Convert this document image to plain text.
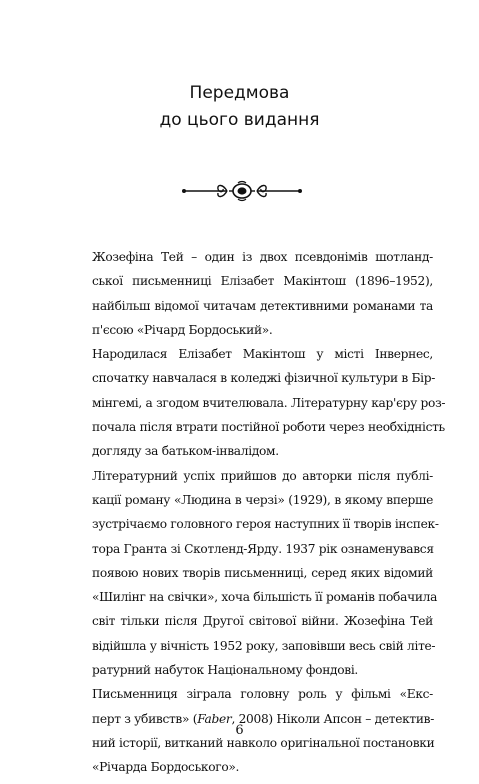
Передмова
до цього видання

Жозефіна Тей – один із двох псевдонімів шотланд-
ської письменниці Елізабет Макінтош (1896–1952),
найбільш відомої читачам детективними романами та
п'єсою «Річард Бордоський».

Народилася Елізабет Макінтош у місті Інвернес,
спочатку навчалася в коледжі фізичної культури в Бір-
мінгемі, а згодом вчителювала. Літературну кар'єру роз-
почала після втрати постійної роботи через необхідність
догляду за батьком-інвалідом.

Літературний успіх прийшов до авторки після публі-
кації роману «Людина в черзі» (1929), в якому вперше
зустрічаємо головного героя наступних її творів інспек-
тора Гранта зі Скотленд-Ярду. 1937 рік ознаменувався
появою нових творів письменниці, серед яких відомий
«Шилінг на свічки», хоча більшість її романів побачила
світ тільки після Другої світової війни. Жозефіна Тей
відійшла у вічність 1952 року, заповівши весь свій літе-
ратурний набуток Національному фондові.

Письменниця зіграла головну роль у фільмі «Екс-
перт з убивств» (Faber, 2008) Ніколи Апсон – детектив-
ний історії, витканий навколо оригінальної постановки
«Річарда Бордоського».

6
